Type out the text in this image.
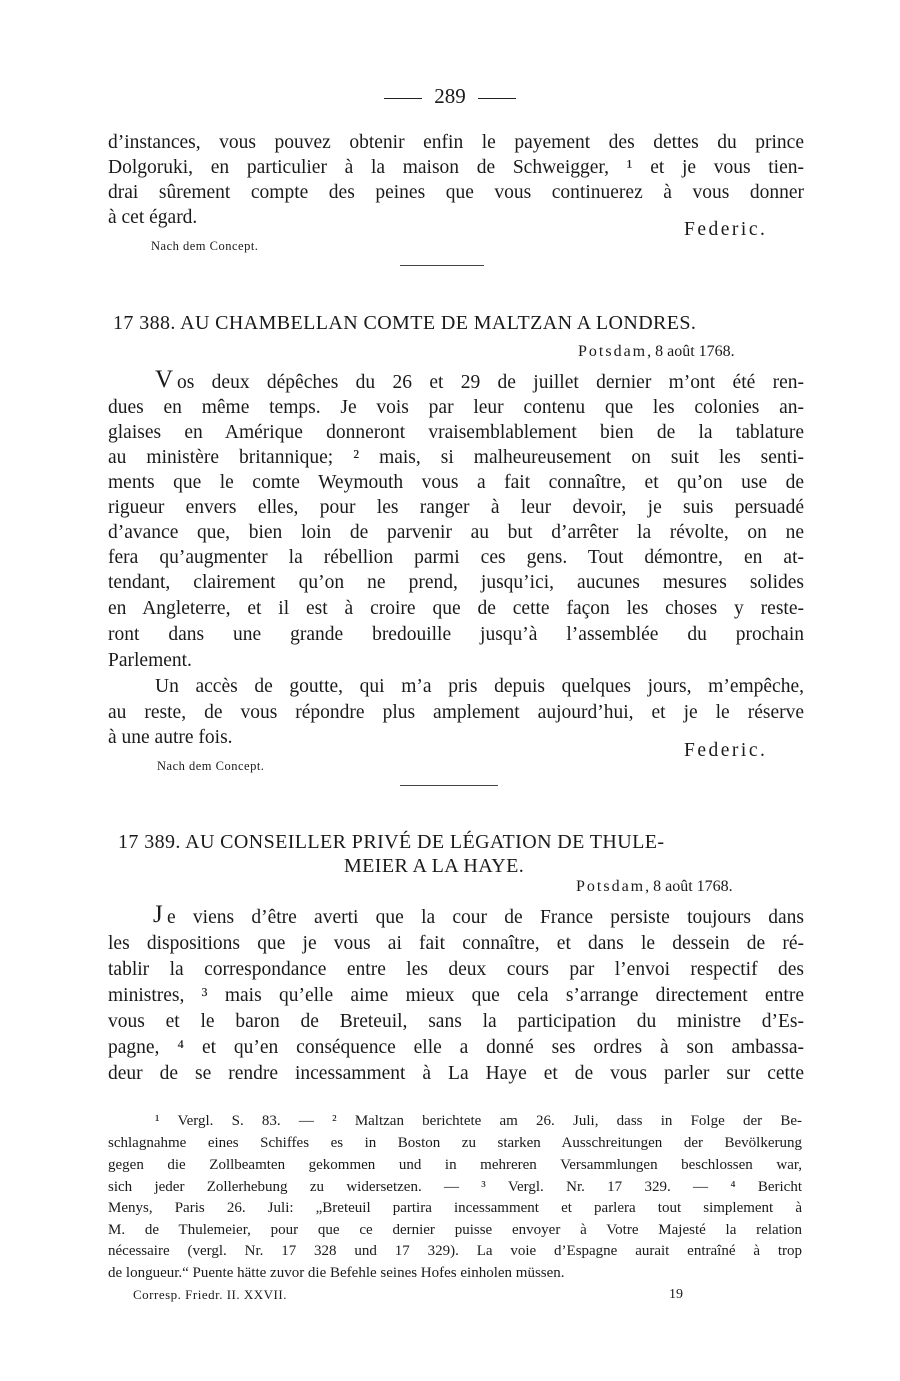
289
d’instances, vous pouvez obtenir enfin le payement des dettes du prince
Dolgoruki, en particulier à la maison de Schweigger, ¹ et je vous tien-
drai sûrement compte des peines que vous continuerez à vous donner
à cet égard.
Federic.
Nach dem Concept.
17 388. AU CHAMBELLAN COMTE DE MALTZAN A LONDRES.
Potsdam, 8 août 1768.
V os deux dépêches du 26 et 29 de juillet dernier m’ont été ren-
dues en même temps. Je vois par leur contenu que les colonies an-
glaises en Amérique donneront vraisemblablement bien de la tablature
au ministère britannique; ² mais, si malheureusement on suit les senti-
ments que le comte Weymouth vous a fait connaître, et qu’on use de
rigueur envers elles, pour les ranger à leur devoir, je suis persuadé
d’avance que, bien loin de parvenir au but d’arrêter la révolte, on ne
fera qu’augmenter la rébellion parmi ces gens. Tout démontre, en at-
tendant, clairement qu’on ne prend, jusqu’ici, aucunes mesures solides
en Angleterre, et il est à croire que de cette façon les choses y reste-
ront dans une grande bredouille jusqu’à l’assemblée du prochain
Parlement.
Un accès de goutte, qui m’a pris depuis quelques jours, m’empêche,
au reste, de vous répondre plus amplement aujourd’hui, et je le réserve
à une autre fois.
Federic.
Nach dem Concept.
17 389. AU CONSEILLER PRIVÉ DE LÉGATION DE THULE-
MEIER A LA HAYE.
Potsdam, 8 août 1768.
J e viens d’être averti que la cour de France persiste toujours dans
les dispositions que je vous ai fait connaître, et dans le dessein de ré-
tablir la correspondance entre les deux cours par l’envoi respectif des
ministres, ³ mais qu’elle aime mieux que cela s’arrange directement entre
vous et le baron de Breteuil, sans la participation du ministre d’Es-
pagne, ⁴ et qu’en conséquence elle a donné ses ordres à son ambassa-
deur de se rendre incessamment à La Haye et de vous parler sur cette
¹ Vergl. S. 83. — ² Maltzan berichtete am 26. Juli, dass in Folge der Be-
schlagnahme eines Schiffes es in Boston zu starken Ausschreitungen der Bevölkerung
gegen die Zollbeamten gekommen und in mehreren Versammlungen beschlossen war,
sich jeder Zollerhebung zu widersetzen. — ³ Vergl. Nr. 17 329. — ⁴ Bericht
Menys, Paris 26. Juli: „Breteuil partira incessamment et parlera tout simplement à
M. de Thulemeier, pour que ce dernier puisse envoyer à Votre Majesté la relation
nécessaire (vergl. Nr. 17 328 und 17 329). La voie d’Espagne aurait entraîné à trop
de longueur.“ Puente hätte zuvor die Befehle seines Hofes einholen müssen.
Corresp. Friedr. II. XXVII.	19
